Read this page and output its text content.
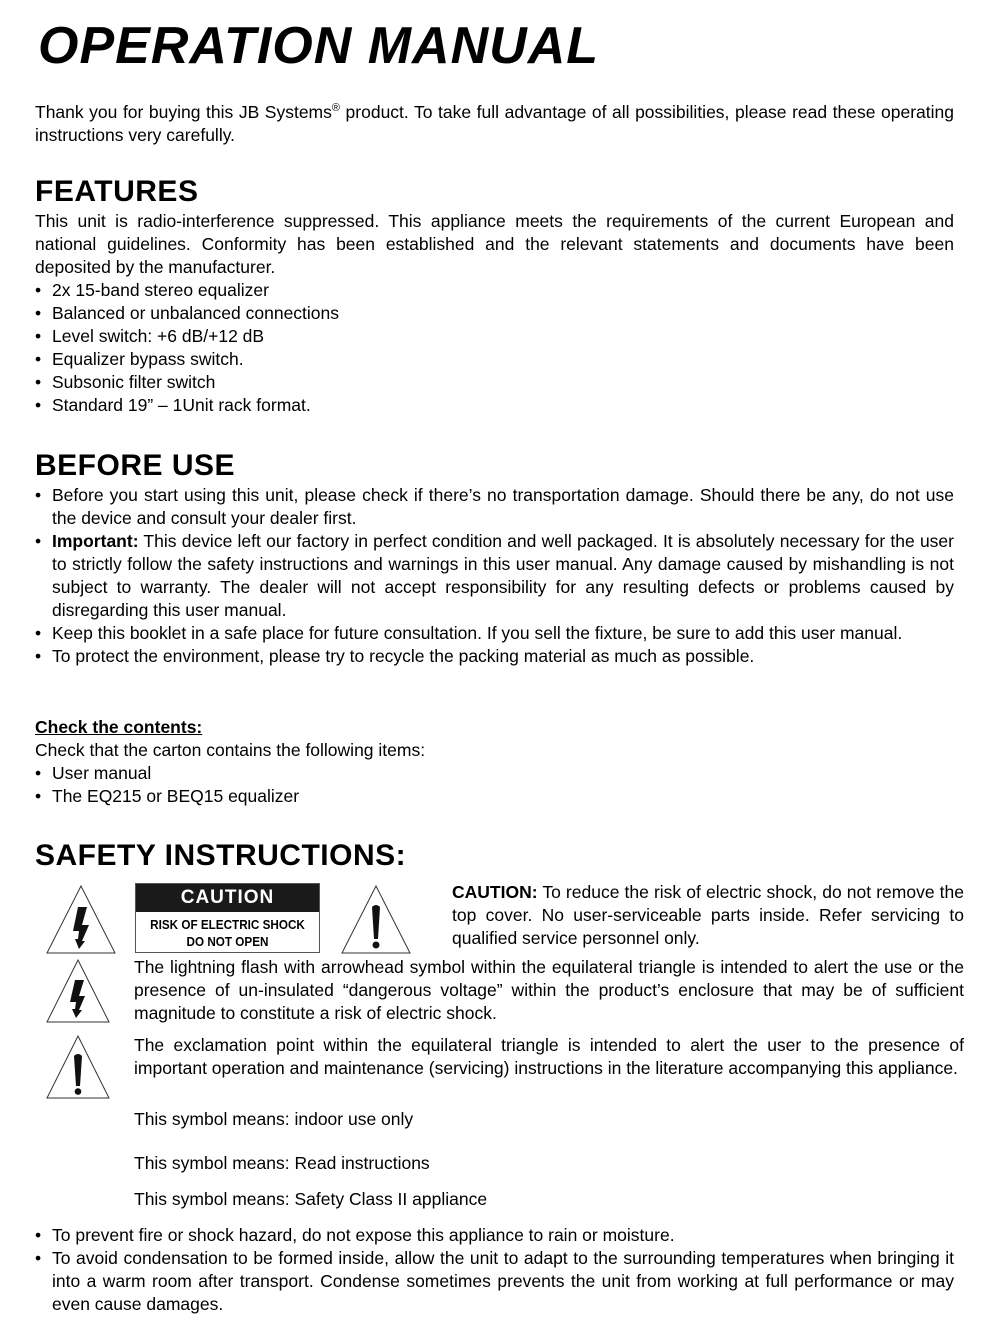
OPERATION MANUAL

Thank you for buying this JB Systems® product. To take full advantage of all possibilities, please read these operating instructions very carefully.

FEATURES

This unit is radio-interference suppressed. This appliance meets the requirements of the current European and national guidelines. Conformity has been established and the relevant statements and documents have been deposited by the manufacturer.

• 2x 15-band stereo equalizer
• Balanced or unbalanced connections
• Level switch: +6 dB/+12 dB
• Equalizer bypass switch.
• Subsonic filter switch
• Standard 19” – 1Unit rack format.
BEFORE USE
• Before you start using this unit, please check if there’s no transportation damage. Should there be any, do not use the device and consult your dealer first.
• Important: This device left our factory in perfect condition and well packaged. It is absolutely necessary for the user to strictly follow the safety instructions and warnings in this user manual. Any damage caused by mishandling is not subject to warranty. The dealer will not accept responsibility for any resulting defects or problems caused by disregarding this user manual.
• Keep this booklet in a safe place for future consultation. If you sell the fixture, be sure to add this user manual.
• To protect the environment, please try to recycle the packing material as much as possible.

Check the contents:

Check that the carton contains the following items:

• User manual
• The EQ215 or BEQ15 equalizer
SAFETY INSTRUCTIONS:
CAUTION
RISK OF ELECTRIC SHOCK
DO NOT OPEN

CAUTION: To reduce the risk of electric shock, do not remove the top cover. No user-serviceable parts inside. Refer servicing to qualified service personnel only.

The lightning flash with arrowhead symbol within the equilateral triangle is intended to alert the use or the presence of un-insulated “dangerous voltage” within the product’s enclosure that may be of sufficient magnitude to constitute a risk of electric shock.

The exclamation point within the equilateral triangle is intended to alert the user to the presence of important operation and maintenance (servicing) instructions in the literature accompanying this appliance.

This symbol means: indoor use only
This symbol means: Read instructions
This symbol means: Safety Class II appliance
• To prevent fire or shock hazard, do not expose this appliance to rain or moisture.
• To avoid condensation to be formed inside, allow the unit to adapt to the surrounding temperatures when bringing it into a warm room after transport. Condense sometimes prevents the unit from working at full performance or may even cause damages.
